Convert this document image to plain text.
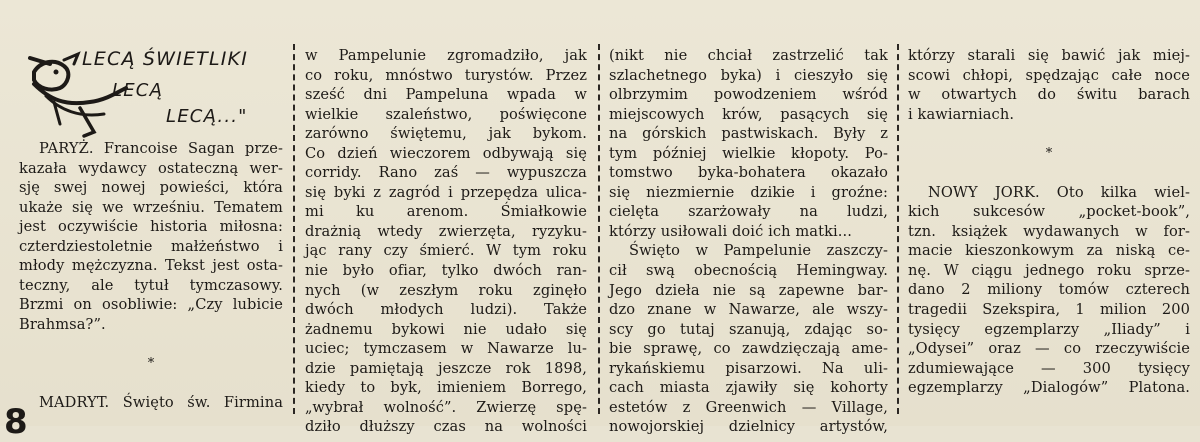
LECĄ ŚWIETLIKI
LECĄ
LECĄ..."

PARYŻ. Francoise Sagan prze-

kazała wydawcy ostateczną wer-

sję swej nowej powieści, która

ukaże się we wrześniu. Tematem

jest oczywiście historia miłosna:

czterdziestoletnie małżeństwo i

młody mężczyzna. Tekst jest osta-

teczny, ale tytuł tymczasowy.

Brzmi on osobliwie: „Czy lubicie

Brahmsa?”.

*

MADRYT. Święto św. Firmina

w Pampelunie zgromadziło, jak

co roku, mnóstwo turystów. Przez

sześć dni Pampeluna wpada w

wielkie szaleństwo, poświęcone

zarówno świętemu, jak bykom.

Co dzień wieczorem odbywają się

corridy. Rano zaś — wypuszcza

się byki z zagród i przepędza ulica-

mi ku arenom. Śmiałkowie

drażnią wtedy zwierzęta, ryzyku-

jąc rany czy śmierć. W tym roku

nie było ofiar, tylko dwóch ran-

nych (w zeszłym roku zginęło

dwóch młodych ludzi). Także

żadnemu bykowi nie udało się

uciec; tymczasem w Nawarze lu-

dzie pamiętają jeszcze rok 1898,

kiedy to byk, imieniem Borrego,

„wybrał wolność”. Zwierzę spę-

dziło dłuższy czas na wolności

(nikt nie chciał zastrzelić tak

szlachetnego byka) i cieszyło się

olbrzymim powodzeniem wśród

miejscowych krów, pasących się

na górskich pastwiskach. Były z

tym później wielkie kłopoty. Po-

tomstwo byka-bohatera okazało

się niezmiernie dzikie i groźne:

cielęta szarżowały na ludzi,

którzy usiłowali doić ich matki...

Święto w Pampelunie zaszczy-

cił swą obecnością Hemingway.

Jego dzieła nie są zapewne bar-

dzo znane w Nawarze, ale wszy-

scy go tutaj szanują, zdając so-

bie sprawę, co zawdzięczają ame-

rykańskiemu pisarzowi. Na uli-

cach miasta zjawiły się kohorty

estetów z Greenwich — Village,

nowojorskiej dzielnicy artystów,

którzy starali się bawić jak miej-

scowi chłopi, spędzając całe noce

w otwartych do świtu barach

i kawiarniach.

*

NOWY JORK. Oto kilka wiel-

kich sukcesów „pocket-book”,

tzn. książek wydawanych w for-

macie kieszonkowym za niską ce-

nę. W ciągu jednego roku sprze-

dano 2 miliony tomów czterech

tragedii Szekspira, 1 milion 200

tysięcy egzemplarzy „Iliady” i

„Odysei” oraz — co rzeczywiście

zdumiewające — 300 tysięcy

egzemplarzy „Dialogów” Platona.

8
